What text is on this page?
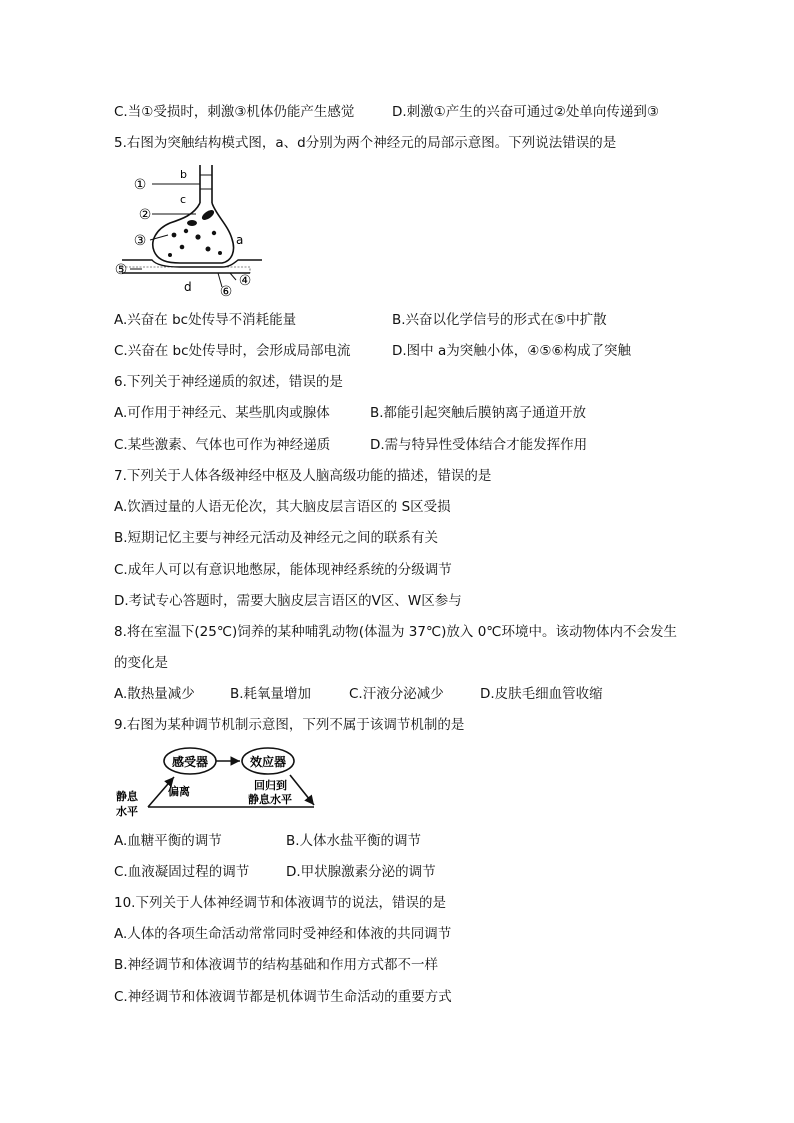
C.当①受损时，刺激③机体仍能产生感觉	D.刺激①产生的兴奋可通过②处单向传递到③
5.右图为突触结构模式图，a、d分别为两个神经元的局部示意图。下列说法错误的是
①
②
③
⑤
④
⑥
b
c
a
d
A.兴奋在 bc处传导不消耗能量	B.兴奋以化学信号的形式在⑤中扩散
C.兴奋在 bc处传导时，会形成局部电流	D.图中 a为突触小体，④⑤⑥构成了突触
6.下列关于神经递质的叙述，错误的是
A.可作用于神经元、某些肌肉或腺体	B.都能引起突触后膜钠离子通道开放
C.某些激素、气体也可作为神经递质	D.需与特异性受体结合才能发挥作用
7.下列关于人体各级神经中枢及人脑高级功能的描述，错误的是
A.饮酒过量的人语无伦次，其大脑皮层言语区的 S区受损
B.短期记忆主要与神经元活动及神经元之间的联系有关
C.成年人可以有意识地憋尿，能体现神经系统的分级调节
D.考试专心答题时，需要大脑皮层言语区的Ⅴ区、W区参与
8.将在室温下(25℃)饲养的某种哺乳动物(体温为 37℃)放入 0℃环境中。该动物体内不会发生
的变化是
A.散热量减少	B.耗氧量增加	C.汗液分泌减少	D.皮肤毛细血管收缩
9.右图为某种调节机制示意图，下列不属于该调节机制的是
感受器	效应器
静息
水平
偏离	回归到
静息水平
A.血糖平衡的调节	B.人体水盐平衡的调节
C.血液凝固过程的调节	D.甲状腺激素分泌的调节
10.下列关于人体神经调节和体液调节的说法，错误的是
A.人体的各项生命活动常常同时受神经和体液的共同调节
B.神经调节和体液调节的结构基础和作用方式都不一样
C.神经调节和体液调节都是机体调节生命活动的重要方式
